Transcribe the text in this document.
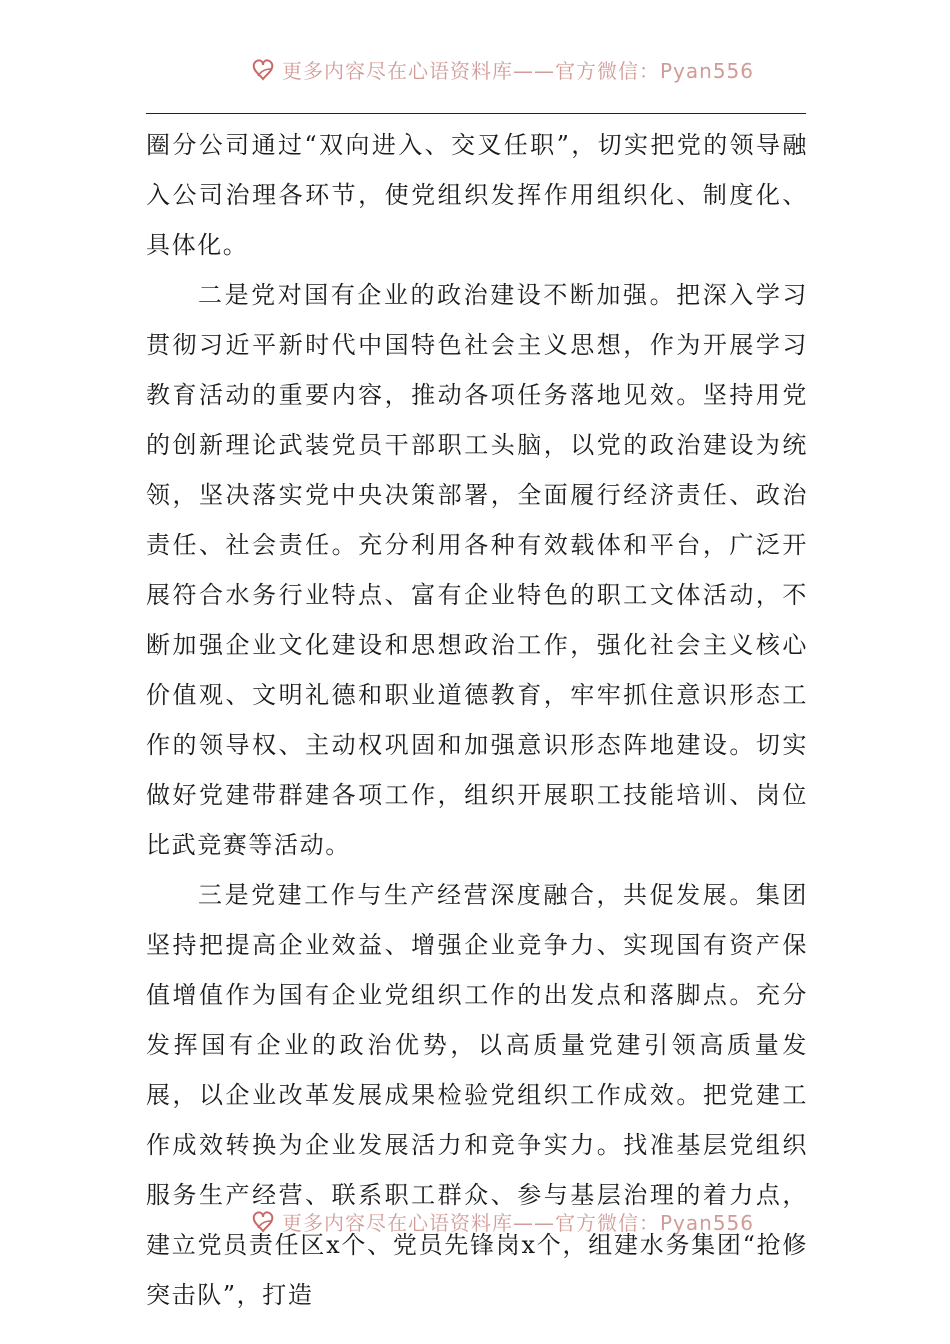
更多内容尽在心语资料库——官方微信：Pyan556

圈分公司通过“双向进入、交叉任职”，切实把党的领导融入公司治理各环节，使党组织发挥作用组织化、制度化、具体化。

二是党对国有企业的政治建设不断加强。把深入学习贯彻习近平新时代中国特色社会主义思想，作为开展学习教育活动的重要内容，推动各项任务落地见效。坚持用党的创新理论武装党员干部职工头脑，以党的政治建设为统领，坚决落实党中央决策部署，全面履行经济责任、政治责任、社会责任。充分利用各种有效载体和平台，广泛开展符合水务行业特点、富有企业特色的职工文体活动，不断加强企业文化建设和思想政治工作，强化社会主义核心价值观、文明礼德和职业道德教育，牢牢抓住意识形态工作的领导权、主动权巩固和加强意识形态阵地建设。切实做好党建带群建各项工作，组织开展职工技能培训、岗位比武竞赛等活动。

三是党建工作与生产经营深度融合，共促发展。集团坚持把提高企业效益、增强企业竞争力、实现国有资产保值增值作为国有企业党组织工作的出发点和落脚点。充分发挥国有企业的政治优势，以高质量党建引领高质量发展，以企业改革发展成果检验党组织工作成效。把党建工作成效转换为企业发展活力和竞争实力。找准基层党组织服务生产经营、联系职工群众、参与基层治理的着力点，建立党员责任区x个、党员先锋岗x个，组建水务集团“抢修突击队”，打造

更多内容尽在心语资料库——官方微信：Pyan556
